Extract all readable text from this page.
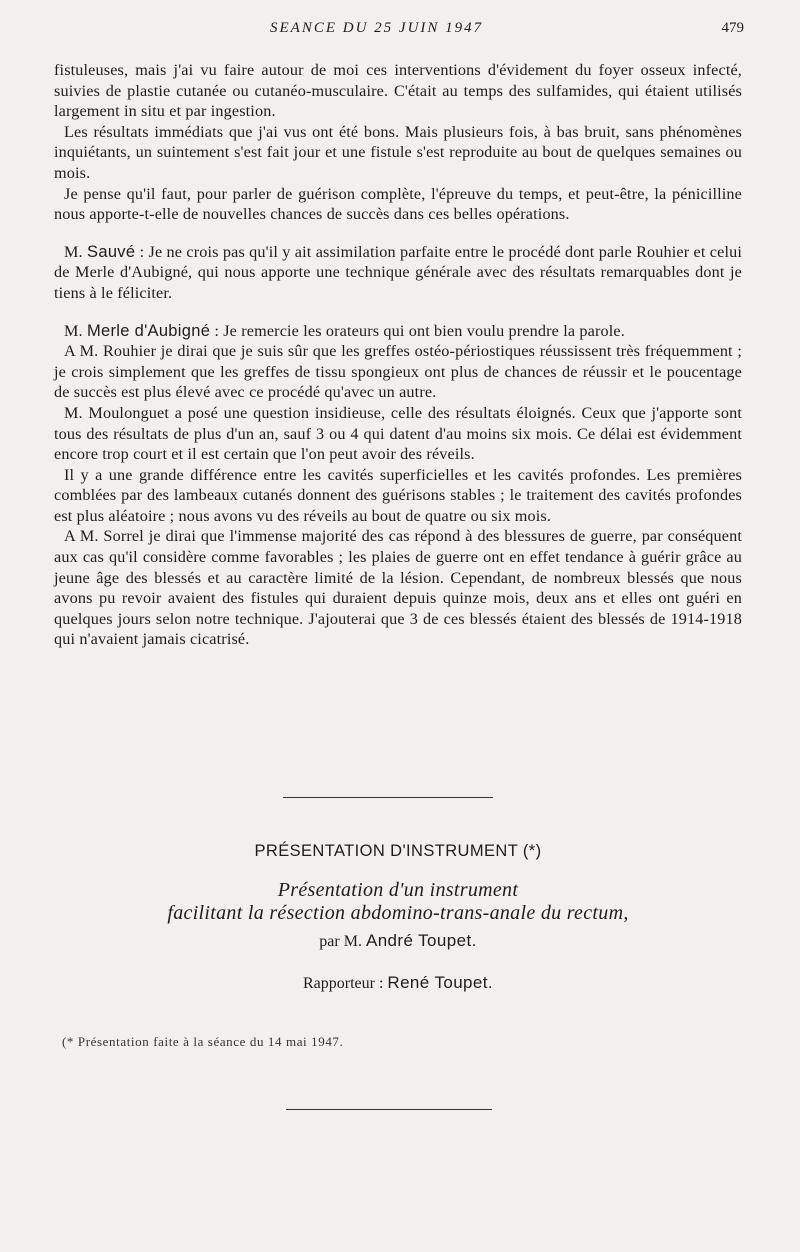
SEANCE DU 25 JUIN 1947	479

fistuleuses, mais j'ai vu faire autour de moi ces interventions d'évidement du foyer osseux infecté, suivies de plastie cutanée ou cutanéo-musculaire. C'était au temps des sulfamides, qui étaient utilisés largement in situ et par ingestion.

Les résultats immédiats que j'ai vus ont été bons. Mais plusieurs fois, à bas bruit, sans phénomènes inquiétants, un suintement s'est fait jour et une fistule s'est reproduite au bout de quelques semaines ou mois.

Je pense qu'il faut, pour parler de guérison complète, l'épreuve du temps, et peut-être, la pénicilline nous apporte-t-elle de nouvelles chances de succès dans ces belles opérations.

M. Sauvé : Je ne crois pas qu'il y ait assimilation parfaite entre le procédé dont parle Rouhier et celui de Merle d'Aubigné, qui nous apporte une technique générale avec des résultats remarquables dont je tiens à le féliciter.

M. Merle d'Aubigné : Je remercie les orateurs qui ont bien voulu prendre la parole.

A M. Rouhier je dirai que je suis sûr que les greffes ostéo-périostiques réussissent très fréquemment ; je crois simplement que les greffes de tissu spongieux ont plus de chances de réussir et le poucentage de succès est plus élevé avec ce procédé qu'avec un autre.

M. Moulonguet a posé une question insidieuse, celle des résultats éloignés. Ceux que j'apporte sont tous des résultats de plus d'un an, sauf 3 ou 4 qui datent d'au moins six mois. Ce délai est évidemment encore trop court et il est certain que l'on peut avoir des réveils.

Il y a une grande différence entre les cavités superficielles et les cavités profondes. Les premières comblées par des lambeaux cutanés donnent des guérisons stables ; le traitement des cavités profondes est plus aléatoire ; nous avons vu des réveils au bout de quatre ou six mois.

A M. Sorrel je dirai que l'immense majorité des cas répond à des blessures de guerre, par conséquent aux cas qu'il considère comme favorables ; les plaies de guerre ont en effet tendance à guérir grâce au jeune âge des blessés et au caractère limité de la lésion. Cependant, de nombreux blessés que nous avons pu revoir avaient des fistules qui duraient depuis quinze mois, deux ans et elles ont guéri en quelques jours selon notre technique. J'ajouterai que 3 de ces blessés étaient des blessés de 1914-1918 qui n'avaient jamais cicatrisé.

PRÉSENTATION D'INSTRUMENT (*)
Présentation d'un instrument
facilitant la résection abdomino-trans-anale du rectum,
par M. André Toupet.
Rapporteur : René Toupet.
(* Présentation faite à la séance du 14 mai 1947.
